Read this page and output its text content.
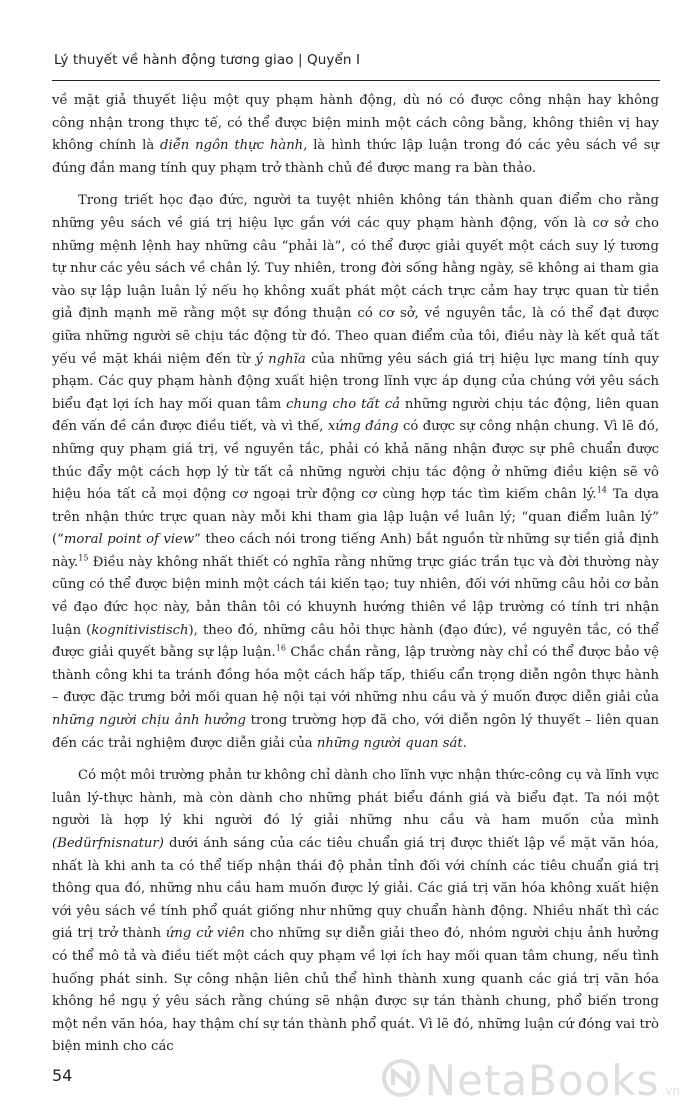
Lý thuyết về hành động tương giao | Quyển I

về mặt giả thuyết liệu một quy phạm hành động, dù nó có được công nhận hay không công nhận trong thực tế, có thể được biện minh một cách công bằng, không thiên vị hay không chính là diễn ngôn thực hành, là hình thức lập luận trong đó các yêu sách về sự đúng đắn mang tính quy phạm trở thành chủ đề được mang ra bàn thảo.

Trong triết học đạo đức, người ta tuyệt nhiên không tán thành quan điểm cho rằng những yêu sách về giá trị hiệu lực gắn với các quy phạm hành động, vốn là cơ sở cho những mệnh lệnh hay những câu “phải là”, có thể được giải quyết một cách suy lý tương tự như các yêu sách về chân lý. Tuy nhiên, trong đời sống hằng ngày, sẽ không ai tham gia vào sự lập luận luân lý nếu họ không xuất phát một cách trực cảm hay trực quan từ tiền giả định mạnh mẽ rằng một sự đồng thuận có cơ sở, về nguyên tắc, là có thể đạt được giữa những người sẽ chịu tác động từ đó. Theo quan điểm của tôi, điều này là kết quả tất yếu về mặt khái niệm đến từ ý nghĩa của những yêu sách giá trị hiệu lực mang tính quy phạm. Các quy phạm hành động xuất hiện trong lĩnh vực áp dụng của chúng với yêu sách biểu đạt lợi ích hay mối quan tâm chung cho tất cả những người chịu tác động, liên quan đến vấn đề cần được điều tiết, và vì thế, xứng đáng có được sự công nhận chung. Vì lẽ đó, những quy phạm giá trị, về nguyên tắc, phải có khả năng nhận được sự phê chuẩn được thúc đẩy một cách hợp lý từ tất cả những người chịu tác động ở những điều kiện sẽ vô hiệu hóa tất cả mọi động cơ ngoại trừ động cơ cùng hợp tác tìm kiếm chân lý.$^{14}$ Ta dựa trên nhận thức trực quan này mỗi khi tham gia lập luận về luân lý; “quan điểm luân lý” (“moral point of view” theo cách nói trong tiếng Anh) bắt nguồn từ những sự tiền giả định này.$^{15}$ Điều này không nhất thiết có nghĩa rằng những trực giác trần tục và đời thường này cũng có thể được biện minh một cách tái kiến tạo; tuy nhiên, đối với những câu hỏi cơ bản về đạo đức học này, bản thân tôi có khuynh hướng thiên về lập trường có tính tri nhận luận (kognitivistisch), theo đó, những câu hỏi thực hành (đạo đức), về nguyên tắc, có thể được giải quyết bằng sự lập luận.$^{16}$ Chắc chắn rằng, lập trường này chỉ có thể được bảo vệ thành công khi ta tránh đồng hóa một cách hấp tấp, thiếu cẩn trọng diễn ngôn thực hành – được đặc trưng bởi mối quan hệ nội tại với những nhu cầu và ý muốn được diễn giải của những người chịu ảnh hưởng trong trường hợp đã cho, với diễn ngôn lý thuyết – liên quan đến các trải nghiệm được diễn giải của những người quan sát.

Có một môi trường phản tư không chỉ dành cho lĩnh vực nhận thức-công cụ và lĩnh vực luân lý-thực hành, mà còn dành cho những phát biểu đánh giá và biểu đạt. Ta nói một người là hợp lý khi người đó lý giải những nhu cầu và ham muốn của mình (Bedürfnisnatur) dưới ánh sáng của các tiêu chuẩn giá trị được thiết lập về mặt văn hóa, nhất là khi anh ta có thể tiếp nhận thái độ phản tỉnh đối với chính các tiêu chuẩn giá trị thông qua đó, những nhu cầu ham muốn được lý giải. Các giá trị văn hóa không xuất hiện với yêu sách về tính phổ quát giống như những quy chuẩn hành động. Nhiều nhất thì các giá trị trở thành ứng cử viên cho những sự diễn giải theo đó, nhóm người chịu ảnh hưởng có thể mô tả và điều tiết một cách quy phạm về lợi ích hay mối quan tâm chung, nếu tình huống phát sinh. Sự công nhận liên chủ thể hình thành xung quanh các giá trị văn hóa không hề ngụ ý yêu sách rằng chúng sẽ nhận được sự tán thành chung, phổ biến trong một nền văn hóa, hay thậm chí sự tán thành phổ quát. Vì lẽ đó, những luận cứ đóng vai trò biện minh cho các

54	NetaBooks .vn
